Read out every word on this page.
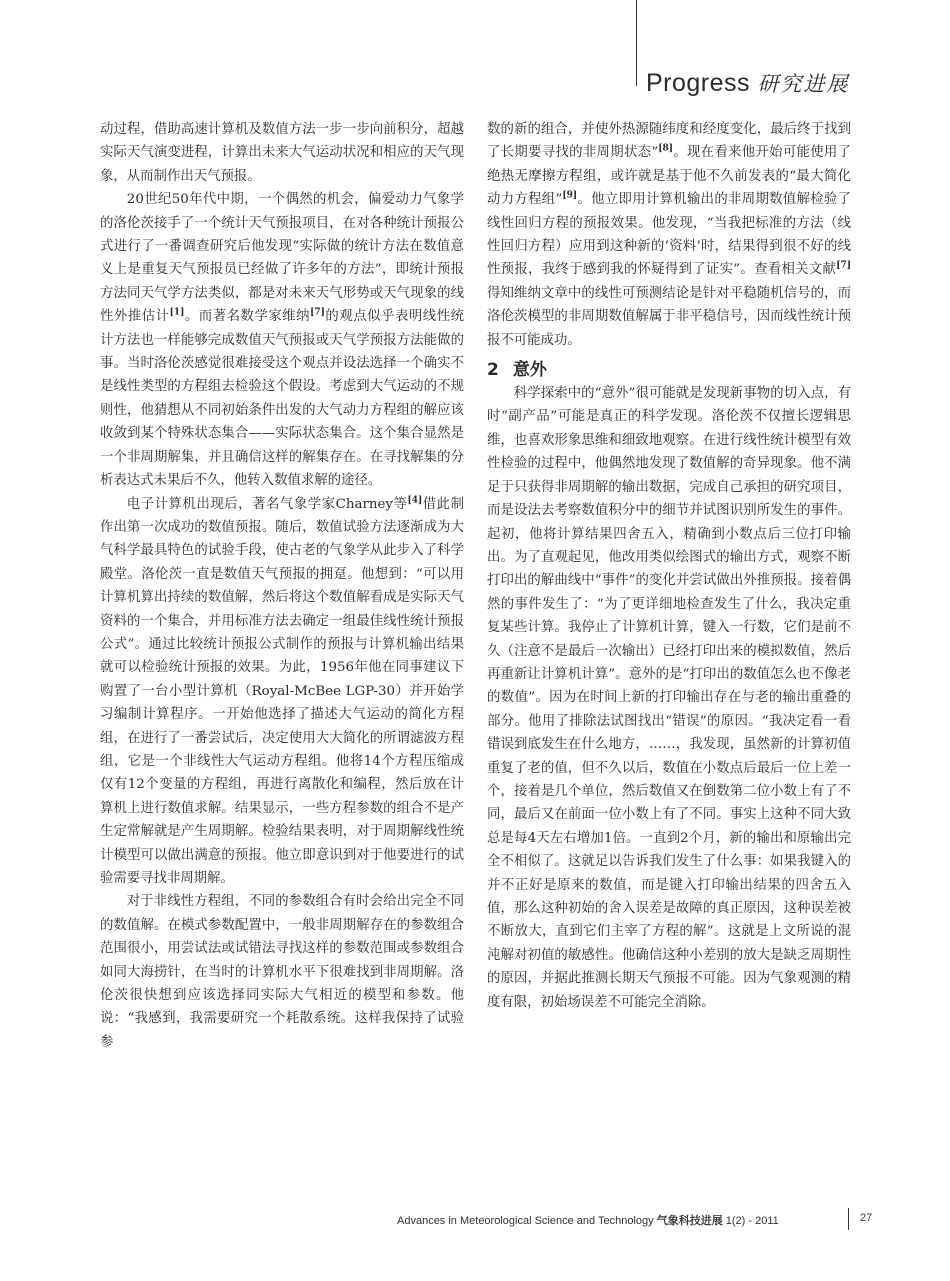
Progress 研究进展

动过程，借助高速计算机及数值方法一步一步向前积分，超越实际天气演变进程，计算出未来大气运动状况和相应的天气现象，从而制作出天气预报。

20世纪50年代中期，一个偶然的机会，偏爱动力气象学的洛伦茨接手了一个统计天气预报项目，在对各种统计预报公式进行了一番调查研究后他发现“实际做的统计方法在数值意义上是重复天气预报员已经做了许多年的方法”，即统计预报方法同天气学方法类似，都是对未来天气形势或天气现象的线性外推估计[1]。而著名数学家维纳[7]的观点似乎表明线性统计方法也一样能够完成数值天气预报或天气学预报方法能做的事。当时洛伦茨感觉很难接受这个观点并设法选择一个确实不是线性类型的方程组去检验这个假设。考虑到大气运动的不规则性，他猜想从不同初始条件出发的大气动力方程组的解应该收敛到某个特殊状态集合——实际状态集合。这个集合显然是一个非周期解集，并且确信这样的解集存在。在寻找解集的分析表达式未果后不久，他转入数值求解的途径。

电子计算机出现后，著名气象学家Charney等[4]借此制作出第一次成功的数值预报。随后，数值试验方法逐渐成为大气科学最具特色的试验手段，使古老的气象学从此步入了科学殿堂。洛伦茨一直是数值天气预报的拥趸。他想到：“可以用计算机算出持续的数值解，然后将这个数值解看成是实际天气资料的一个集合，并用标准方法去确定一组最佳线性统计预报公式”。通过比较统计预报公式制作的预报与计算机输出结果就可以检验统计预报的效果。为此，1956年他在同事建议下购置了一台小型计算机（Royal-McBee LGP-30）并开始学习编制计算程序。一开始他选择了描述大气运动的简化方程组，在进行了一番尝试后，决定使用大大简化的所谓滤波方程组，它是一个非线性大气运动方程组。他将14个方程压缩成仅有12个变量的方程组，再进行离散化和编程，然后放在计算机上进行数值求解。结果显示，一些方程参数的组合不是产生定常解就是产生周期解。检验结果表明，对于周期解线性统计模型可以做出满意的预报。他立即意识到对于他要进行的试验需要寻找非周期解。

对于非线性方程组，不同的参数组合有时会给出完全不同的数值解。在模式参数配置中，一般非周期解存在的参数组合范围很小，用尝试法或试错法寻找这样的参数范围或参数组合如同大海捞针，在当时的计算机水平下很难找到非周期解。洛伦茨很快想到应该选择同实际大气相近的模型和参数。他说：“我感到，我需要研究一个耗散系统。这样我保持了试验参

数的新的组合，并使外热源随纬度和经度变化，最后终于找到了长期要寻找的非周期状态”[8]。现在看来他开始可能使用了绝热无摩擦方程组，或许就是基于他不久前发表的“最大简化动力方程组”[9]。他立即用计算机输出的非周期数值解检验了线性回归方程的预报效果。他发现，“当我把标准的方法（线性回归方程）应用到这种新的‘资料’时，结果得到很不好的线性预报，我终于感到我的怀疑得到了证实”。查看相关文献[7]得知维纳文章中的线性可预测结论是针对平稳随机信号的，而洛伦茨模型的非周期数值解属于非平稳信号，因而线性统计预报不可能成功。

2 意外

科学探索中的“意外”很可能就是发现新事物的切入点，有时“副产品”可能是真正的科学发现。洛伦茨不仅擅长逻辑思维，也喜欢形象思维和细致地观察。在进行线性统计模型有效性检验的过程中，他偶然地发现了数值解的奇异现象。他不满足于只获得非周期解的输出数据，完成自己承担的研究项目，而是设法去考察数值积分中的细节并试图识别所发生的事件。起初，他将计算结果四舍五入，精确到小数点后三位打印输出。为了直观起见，他改用类似绘图式的输出方式，观察不断打印出的解曲线中“事件”的变化并尝试做出外推预报。接着偶然的事件发生了：“为了更详细地检查发生了什么，我决定重复某些计算。我停止了计算机计算，键入一行数，它们是前不久（注意不是最后一次输出）已经打印出来的模拟数值，然后再重新让计算机计算”。意外的是“打印出的数值怎么也不像老的数值”。因为在时间上新的打印输出存在与老的输出重叠的部分。他用了排除法试图找出“错误”的原因。“我决定看一看错误到底发生在什么地方，……，我发现，虽然新的计算初值重复了老的值，但不久以后，数值在小数点后最后一位上差一个，接着是几个单位，然后数值又在倒数第二位小数上有了不同，最后又在前面一位小数上有了不同。事实上这种不同大致总是每4天左右增加1倍。一直到2个月，新的输出和原输出完全不相似了。这就足以告诉我们发生了什么事：如果我键入的并不正好是原来的数值，而是键入打印输出结果的四舍五入值，那么这种初始的舍入误差是故障的真正原因，这种误差被不断放大，直到它们主宰了方程的解”。这就是上文所说的混沌解对初值的敏感性。他确信这种小差别的放大是缺乏周期性的原因，并据此推测长期天气预报不可能。因为气象观测的精度有限，初始场误差不可能完全消除。

Advances in Meteorological Science and Technology 气象科技进展 1(2) - 2011	27
